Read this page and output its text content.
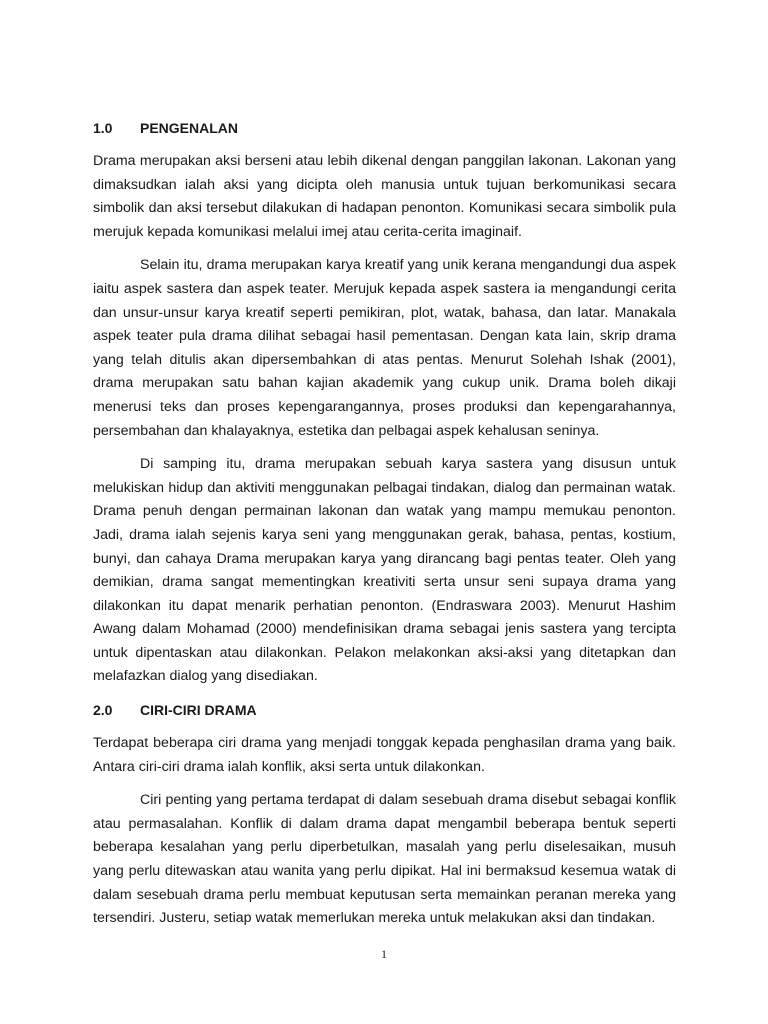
1.0	PENGENALAN

Drama merupakan aksi berseni atau lebih dikenal dengan panggilan lakonan. Lakonan yang dimaksudkan ialah aksi yang dicipta oleh manusia untuk tujuan berkomunikasi secara simbolik dan aksi tersebut dilakukan di hadapan penonton. Komunikasi secara simbolik pula merujuk kepada komunikasi melalui imej atau cerita-cerita imaginaif.

Selain itu, drama merupakan karya kreatif yang unik kerana mengandungi dua aspek iaitu aspek sastera dan aspek teater. Merujuk kepada aspek sastera ia mengandungi cerita dan unsur-unsur karya kreatif seperti pemikiran, plot, watak, bahasa, dan latar. Manakala aspek teater pula drama dilihat sebagai hasil pementasan. Dengan kata lain, skrip drama yang telah ditulis akan dipersembahkan di atas pentas. Menurut Solehah Ishak (2001), drama merupakan satu bahan kajian akademik yang cukup unik. Drama boleh dikaji menerusi teks dan proses kepengarangannya, proses produksi dan kepengarahannya, persembahan dan khalayaknya, estetika dan pelbagai aspek kehalusan seninya.

Di samping itu, drama merupakan sebuah karya sastera yang disusun untuk melukiskan hidup dan aktiviti menggunakan pelbagai tindakan, dialog dan permainan watak. Drama penuh dengan permainan lakonan dan watak yang mampu memukau penonton. Jadi, drama ialah sejenis karya seni yang menggunakan gerak, bahasa, pentas, kostium, bunyi, dan cahaya Drama merupakan karya yang dirancang bagi pentas teater. Oleh yang demikian, drama sangat mementingkan kreativiti serta unsur seni supaya drama yang dilakonkan itu dapat menarik perhatian penonton. (Endraswara 2003). Menurut Hashim Awang dalam Mohamad (2000) mendefinisikan drama sebagai jenis sastera yang tercipta untuk dipentaskan atau dilakonkan. Pelakon melakonkan aksi-aksi yang ditetapkan dan melafazkan dialog yang disediakan.

2.0	CIRI-CIRI DRAMA

Terdapat beberapa ciri drama yang menjadi tonggak kepada penghasilan drama yang baik. Antara ciri-ciri drama ialah konflik, aksi serta untuk dilakonkan.

Ciri penting yang pertama terdapat di dalam sesebuah drama disebut sebagai konflik atau permasalahan. Konflik di dalam drama dapat mengambil beberapa bentuk seperti beberapa kesalahan yang perlu diperbetulkan, masalah yang perlu diselesaikan, musuh yang perlu ditewaskan atau wanita yang perlu dipikat. Hal ini bermaksud kesemua watak di dalam sesebuah drama perlu membuat keputusan serta memainkan peranan mereka yang tersendiri. Justeru, setiap watak memerlukan mereka untuk melakukan aksi dan tindakan.

1
